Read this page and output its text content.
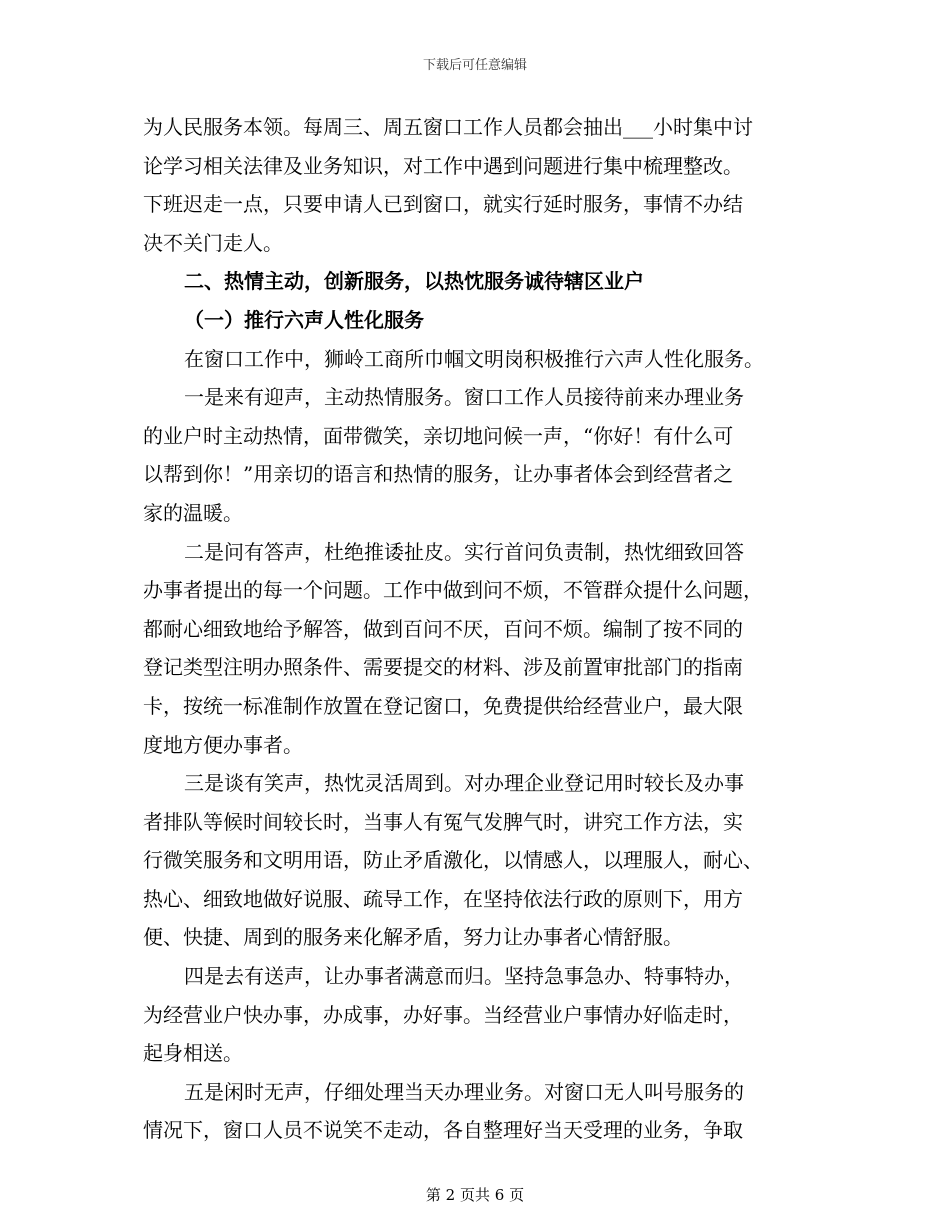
下载后可任意编辑
为人民服务本领。每周三、周五窗口工作人员都会抽出___小时集中讨
论学习相关法律及业务知识，对工作中遇到问题进行集中梳理整改。
下班迟走一点，只要申请人已到窗口，就实行延时服务，事情不办结
决不关门走人。
二、热情主动，创新服务，以热忱服务诚待辖区业户
（一）推行六声人性化服务
在窗口工作中，狮岭工商所巾帼文明岗积极推行六声人性化服务。
一是来有迎声，主动热情服务。窗口工作人员接待前来办理业务
的业户时主动热情，面带微笑，亲切地问候一声，“你好！有什么可
以帮到你！”用亲切的语言和热情的服务，让办事者体会到经营者之
家的温暖。
二是问有答声，杜绝推诿扯皮。实行首问负责制，热忱细致回答
办事者提出的每一个问题。工作中做到问不烦，不管群众提什么问题，
都耐心细致地给予解答，做到百问不厌，百问不烦。编制了按不同的
登记类型注明办照条件、需要提交的材料、涉及前置审批部门的指南
卡，按统一标准制作放置在登记窗口，免费提供给经营业户，最大限
度地方便办事者。
三是谈有笑声，热忱灵活周到。对办理企业登记用时较长及办事
者排队等候时间较长时，当事人有冤气发脾气时，讲究工作方法，实
行微笑服务和文明用语，防止矛盾激化，以情感人，以理服人，耐心、
热心、细致地做好说服、疏导工作，在坚持依法行政的原则下，用方
便、快捷、周到的服务来化解矛盾，努力让办事者心情舒服。
四是去有送声，让办事者满意而归。坚持急事急办、特事特办，
为经营业户快办事，办成事，办好事。当经营业户事情办好临走时，
起身相送。
五是闲时无声，仔细处理当天办理业务。对窗口无人叫号服务的
情况下，窗口人员不说笑不走动，各自整理好当天受理的业务，争取
第 2 页共 6 页
